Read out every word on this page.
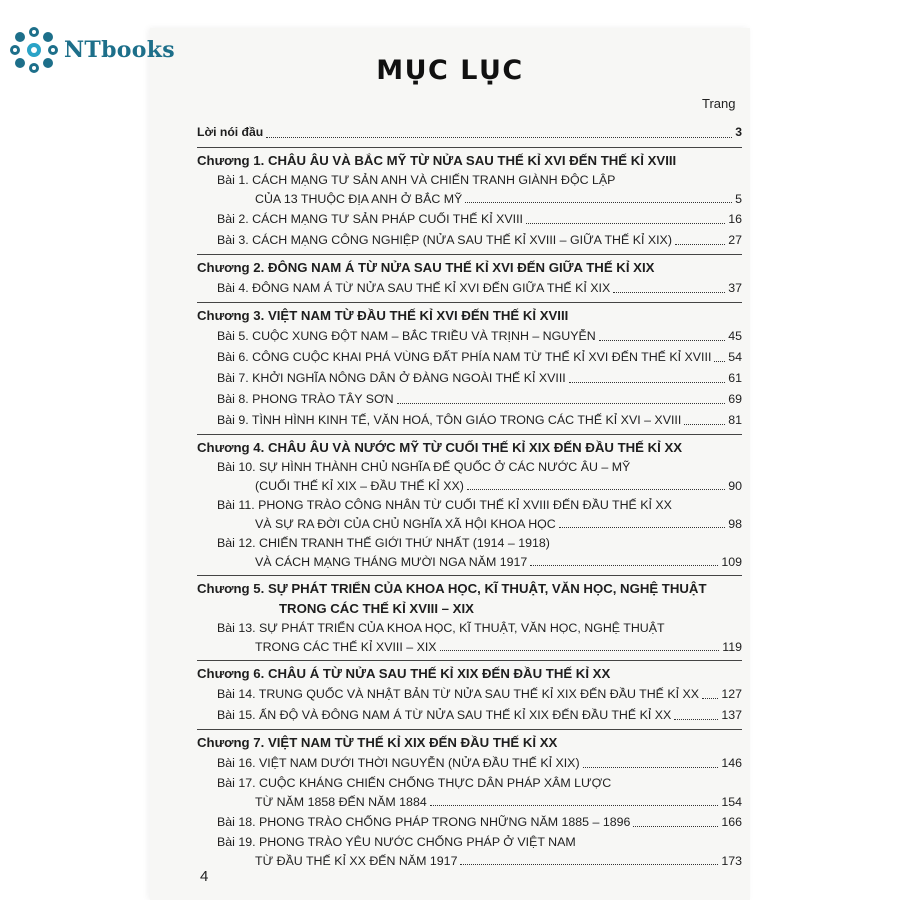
NTbooks
MỤC LỤC
Trang
Lời nói đầu	3
Chương 1. CHÂU ÂU VÀ BẮC MỸ TỪ NỬA SAU THẾ KỈ XVI ĐẾN THẾ KỈ XVIII
Bài 1. CÁCH MẠNG TƯ SẢN ANH VÀ CHIẾN TRANH GIÀNH ĐỘC LẬP
CỦA 13 THUỘC ĐỊA ANH Ở BẮC MỸ	5
Bài 2. CÁCH MẠNG TƯ SẢN PHÁP CUỐI THẾ KỈ XVIII	16
Bài 3. CÁCH MẠNG CÔNG NGHIỆP (NỬA SAU THẾ KỈ XVIII – GIỮA THẾ KỈ XIX)	27
Chương 2. ĐÔNG NAM Á TỪ NỬA SAU THẾ KỈ XVI ĐẾN GIỮA THẾ KỈ XIX
Bài 4. ĐÔNG NAM Á TỪ NỬA SAU THẾ KỈ XVI ĐẾN GIỮA THẾ KỈ XIX	37
Chương 3. VIỆT NAM TỪ ĐẦU THẾ KỈ XVI ĐẾN THẾ KỈ XVIII
Bài 5. CUỘC XUNG ĐỘT NAM – BẮC TRIỀU VÀ TRỊNH – NGUYỄN	45
Bài 6. CÔNG CUỘC KHAI PHÁ VÙNG ĐẤT PHÍA NAM TỪ THẾ KỈ XVI ĐẾN THẾ KỈ XVIII 54
Bài 7. KHỞI NGHĨA NÔNG DÂN Ở ĐÀNG NGOÀI THẾ KỈ XVIII	61
Bài 8. PHONG TRÀO TÂY SƠN	69
Bài 9. TÌNH HÌNH KINH TẾ, VĂN HOÁ, TÔN GIÁO TRONG CÁC THẾ KỈ XVI – XVIII	81
Chương 4. CHÂU ÂU VÀ NƯỚC MỸ TỪ CUỐI THẾ KỈ XIX ĐẾN ĐẦU THẾ KỈ XX
Bài 10. SỰ HÌNH THÀNH CHỦ NGHĨA ĐẾ QUỐC Ở CÁC NƯỚC ÂU – MỸ
(CUỐI THẾ KỈ XIX – ĐẦU THẾ KỈ XX)	90
Bài 11. PHONG TRÀO CÔNG NHÂN TỪ CUỐI THẾ KỈ XVIII ĐẾN ĐẦU THẾ KỈ XX
VÀ SỰ RA ĐỜI CỦA CHỦ NGHĨA XÃ HỘI KHOA HỌC	98
Bài 12. CHIẾN TRANH THẾ GIỚI THỨ NHẤT (1914 – 1918)
VÀ CÁCH MẠNG THÁNG MƯỜI NGA NĂM 1917	109
Chương 5. SỰ PHÁT TRIỂN CỦA KHOA HỌC, KĨ THUẬT, VĂN HỌC, NGHỆ THUẬT
TRONG CÁC THẾ KỈ XVIII – XIX
Bài 13. SỰ PHÁT TRIỂN CỦA KHOA HỌC, KĨ THUẬT, VĂN HỌC, NGHỆ THUẬT
TRONG CÁC THẾ KỈ XVIII – XIX	119
Chương 6. CHÂU Á TỪ NỬA SAU THẾ KỈ XIX ĐẾN ĐẦU THẾ KỈ XX
Bài 14. TRUNG QUỐC VÀ NHẬT BẢN TỪ NỬA SAU THẾ KỈ XIX ĐẾN ĐẦU THẾ KỈ XX 127
Bài 15. ẤN ĐỘ VÀ ĐÔNG NAM Á TỪ NỬA SAU THẾ KỈ XIX ĐẾN ĐẦU THẾ KỈ XX	137
Chương 7. VIỆT NAM TỪ THẾ KỈ XIX ĐẾN ĐẦU THẾ KỈ XX
Bài 16. VIỆT NAM DƯỚI THỜI NGUYỄN (NỬA ĐẦU THẾ KỈ XIX)	146
Bài 17. CUỘC KHÁNG CHIẾN CHỐNG THỰC DÂN PHÁP XÂM LƯỢC
TỪ NĂM 1858 ĐẾN NĂM 1884	154
Bài 18. PHONG TRÀO CHỐNG PHÁP TRONG NHỮNG NĂM 1885 – 1896	166
Bài 19. PHONG TRÀO YÊU NƯỚC CHỐNG PHÁP Ở VIỆT NAM
TỪ ĐẦU THẾ KỈ XX ĐẾN NĂM 1917	173
4
